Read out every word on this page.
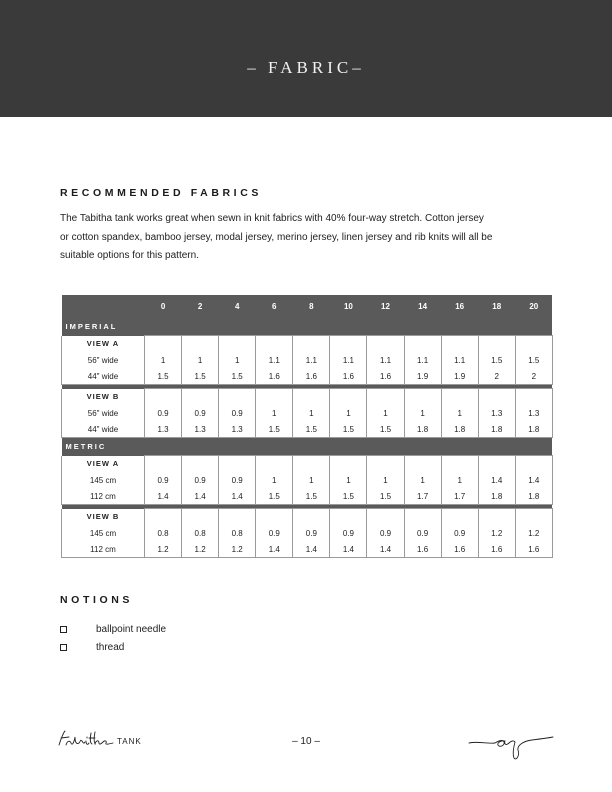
– FABRIC–
RECOMMENDED FABRICS

The Tabitha tank works great when sewn in knit fabrics with 40% four-way stretch. Cotton jersey
or cotton spandex, bamboo jersey, modal jersey, merino jersey, linen jersey and rib knits will all be
suitable options for this pattern.

	0	2	4	6	8	10	12	14	16	18	20
IMPERIAL											
VIEW A											
56" wide	1	1	1	1.1	1.1	1.1	1.1	1.1	1.1	1.5	1.5
44" wide	1.5	1.5	1.5	1.6	1.6	1.6	1.6	1.9	1.9	2	2

VIEW B											
56" wide	0.9	0.9	0.9	1	1	1	1	1	1	1.3	1.3
44" wide	1.3	1.3	1.3	1.5	1.5	1.5	1.5	1.8	1.8	1.8	1.8
METRIC											
VIEW A											
145 cm	0.9	0.9	0.9	1	1	1	1	1	1	1.4	1.4
112 cm	1.4	1.4	1.4	1.5	1.5	1.5	1.5	1.7	1.7	1.8	1.8

VIEW B											
145 cm	0.8	0.8	0.8	0.9	0.9	0.9	0.9	0.9	0.9	1.2	1.2
112 cm	1.2	1.2	1.2	1.4	1.4	1.4	1.4	1.6	1.6	1.6	1.6
NOTIONS
ballpoint needle
thread
TANK	– 10 –
